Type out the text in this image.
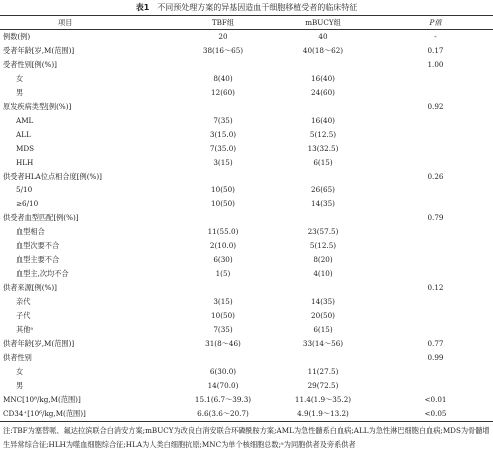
表1 不同预处理方案的异基因造血干细胞移植受者的临床特征
项目	TBF组	mBUCY组	P值
例数(例)	20	40	-
受者年龄[岁,M(范围)]	38(16～65)	40(18～62)	0.17
受者性别[例(%)]			1.00
女	8(40)	16(40)	
男	12(60)	24(60)	
原发疾病类型[例(%)]			0.92
AML	7(35)	16(40)	
ALL	3(15.0)	5(12.5)	
MDS	7(35.0)	13(32.5)	
HLH	3(15)	6(15)	
供受者HLA位点相合度[例(%)]			0.26
5/10	10(50)	26(65)	
≥6/10	10(50)	14(35)	
供受者血型匹配[例(%)]			0.79
血型相合	11(55.0)	23(57.5)	
血型次要不合	2(10.0)	5(12.5)	
血型主要不合	6(30)	8(20)	
血型主,次均不合	1(5)	4(10)	
供者来源[例(%)]			0.12
亲代	3(15)	14(35)	
子代	10(50)	20(50)	
其他ᵃ	7(35)	6(15)	
供者年龄[岁,M(范围)]	31(8～46)	33(14～56)	0.77
供者性别			0.99
女	6(30.0)	11(27.5)	
男	14(70.0)	29(72.5)	
MNC[10⁸/kg,M(范围)]	15.1(6.7～39.3)	11.4(1.9～35.2)	<0.01
CD34⁺[10⁶/kg,M(范围)]	6.6(3.6～20.7)	4.9(1.9～13.2)	<0.05

注:TBF为塞替哌、氟达拉滨联合白消安方案;mBUCY为改良白消安联合环磷酰胺方案;AML为急性髓系白血病;ALL为急性淋巴细胞白血病;MDS为骨髓增生异常综合征;HLH为噬血细胞综合征;HLA为人类白细胞抗原;MNC为单个核细胞总数;ᵃ为同胞供者及旁系供者
